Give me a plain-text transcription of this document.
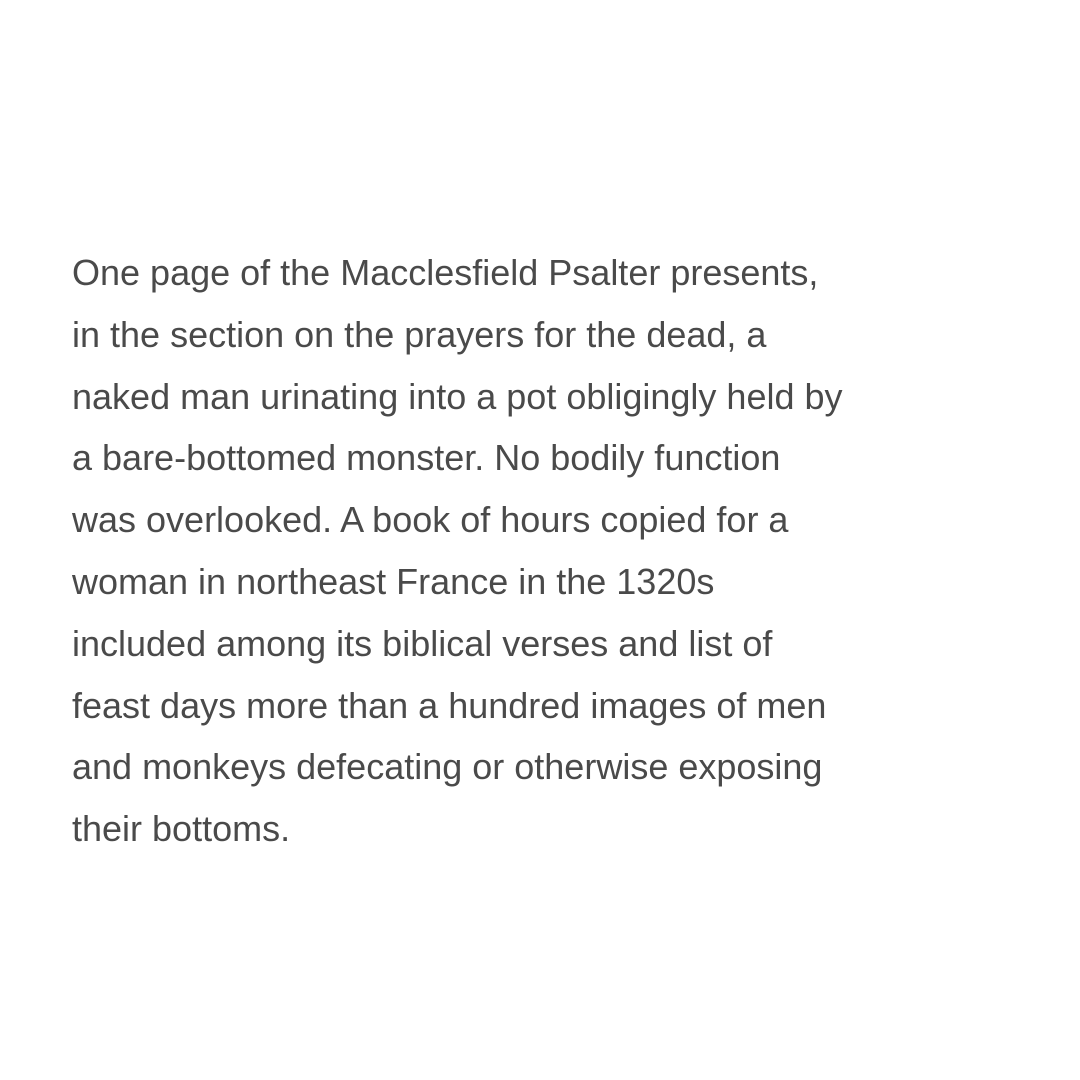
One page of the Macclesfield Psalter presents,
in the section on the prayers for the dead, a
naked man urinating into a pot obligingly held by
a bare-bottomed monster. No bodily function
was overlooked. A book of hours copied for a
woman in northeast France in the 1320s
included among its biblical verses and list of
feast days more than a hundred images of men
and monkeys defecating or otherwise exposing
their bottoms.
